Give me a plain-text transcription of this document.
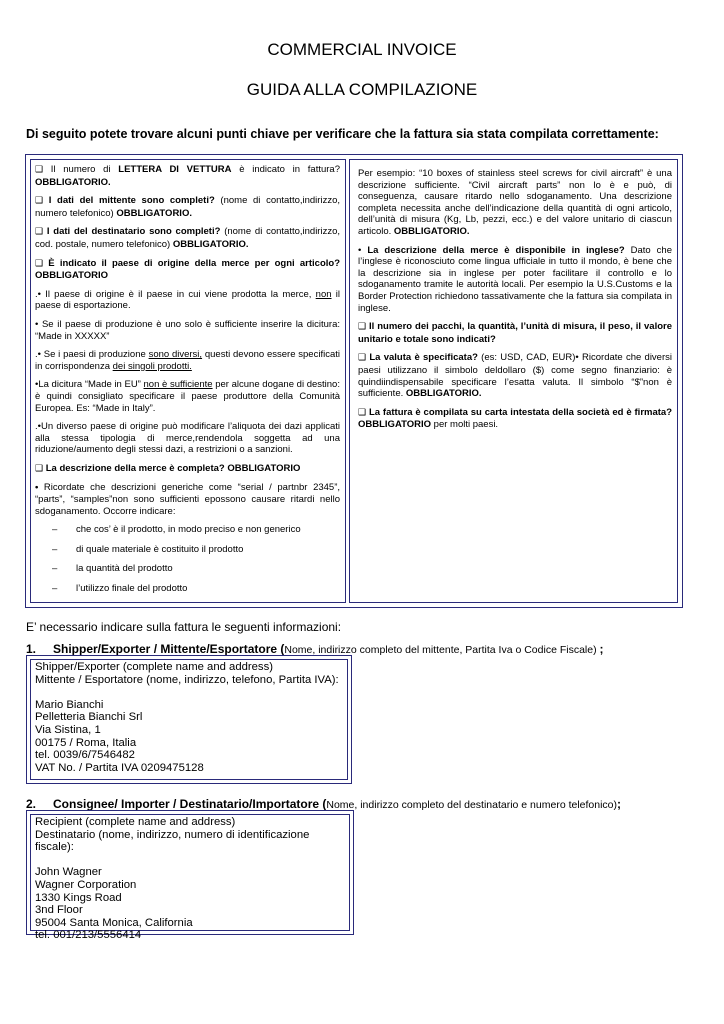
COMMERCIAL INVOICE
GUIDA ALLA COMPILAZIONE
Di seguito potete trovare alcuni punti chiave per verificare che la fattura sia stata compilata correttamente:

❑ Il numero di LETTERA DI VETTURA è indicato in fattura? OBBLIGATORIO.

❑ I dati del mittente sono completi? (nome di contatto,indirizzo, numero telefonico) OBBLIGATORIO.

❑ I dati del destinatario sono completi? (nome di contatto,indirizzo, cod. postale, numero telefonico) OBBLIGATORIO.

❑ È indicato il paese di origine della merce per ogni articolo? OBBLIGATORIO

.• Il paese di origine è il paese in cui viene prodotta la merce, non il paese di esportazione.

• Se il paese di produzione è uno solo è sufficiente inserire la dicitura: “Made in XXXXX”

.• Se i paesi di produzione sono diversi, questi devono essere specificati in corrispondenza dei singoli prodotti.

•La dicitura “Made in EU” non è sufficiente per alcune dogane di destino: è quindi consigliato specificare il paese produttore della Comunità Europea. Es: “Made in Italy”.

.•Un diverso paese di origine può modificare l’aliquota dei dazi applicati alla stessa tipologia di merce,rendendola soggetta ad una riduzione/aumento degli stessi dazi, a restrizioni o a sanzioni.

❑ La descrizione della merce è completa? OBBLIGATORIO

• Ricordate che descrizioni generiche come “serial / partnbr 2345”, “parts”, “samples”non sono sufficienti epossono causare ritardi nello sdoganamento. Occorre indicare:

–	che cos’ è il prodotto, in modo preciso e non generico
–	di quale materiale è costituito il prodotto
–	la quantità del prodotto
–	l’utilizzo finale del prodotto

Per esempio: “10 boxes of stainless steel screws for civil aircraft” è una descrizione sufficiente. “Civil aircraft parts” non lo è e può, di conseguenza, causare ritardo nello sdoganamento. Una descrizione completa necessita anche dell’indicazione della quantità di ogni articolo, dell’unità di misura (Kg, Lb, pezzi, ecc.) e del valore unitario di ciascun articolo. OBBLIGATORIO.

• La descrizione della merce è disponibile in inglese? Dato che l’inglese è riconosciuto come lingua ufficiale in tutto il mondo, è bene che la descrizione sia in inglese per poter facilitare il controllo e lo sdoganamento tramite le autorità locali. Per esempio la U.S.Customs e la Border Protection richiedono tassativamente che la fattura sia compilata in inglese.

❑ Il numero dei pacchi, la quantità, l’unità di misura, il peso, il valore unitario e totale sono indicati?

❑ La valuta è specificata? (es: USD, CAD, EUR)• Ricordate che diversi paesi utilizzano il simbolo deldollaro ($) come segno finanziario: è quindiindispensabile specificare l’esatta valuta. Il simbolo “$”non è sufficiente. OBBLIGATORIO.

❑ La fattura è compilata su carta intestata della società ed è firmata? OBBLIGATORIO per molti paesi.

E’ necessario indicare sulla fattura le seguenti informazioni:
1. Shipper/Exporter / Mittente/Esportatore (Nome, indirizzo completo del mittente, Partita Iva o Codice Fiscale) ;
Shipper/Exporter (complete name and address)
Mittente / Esportatore (nome, indirizzo, telefono, Partita IVA):
Mario Bianchi
Pelletteria Bianchi Srl
Via Sistina, 1
00175 / Roma, Italia
tel. 0039/6/7546482
VAT No. / Partita IVA 0209475128
2. Consignee/ Importer / Destinatario/Importatore (Nome, indirizzo completo del destinatario e numero telefonico);
Recipient (complete name and address)
Destinatario (nome, indirizzo, numero di identificazione fiscale):
John Wagner
Wagner Corporation
1330 Kings Road
3nd Floor
95004 Santa Monica, California
tel. 001/213/5556414
